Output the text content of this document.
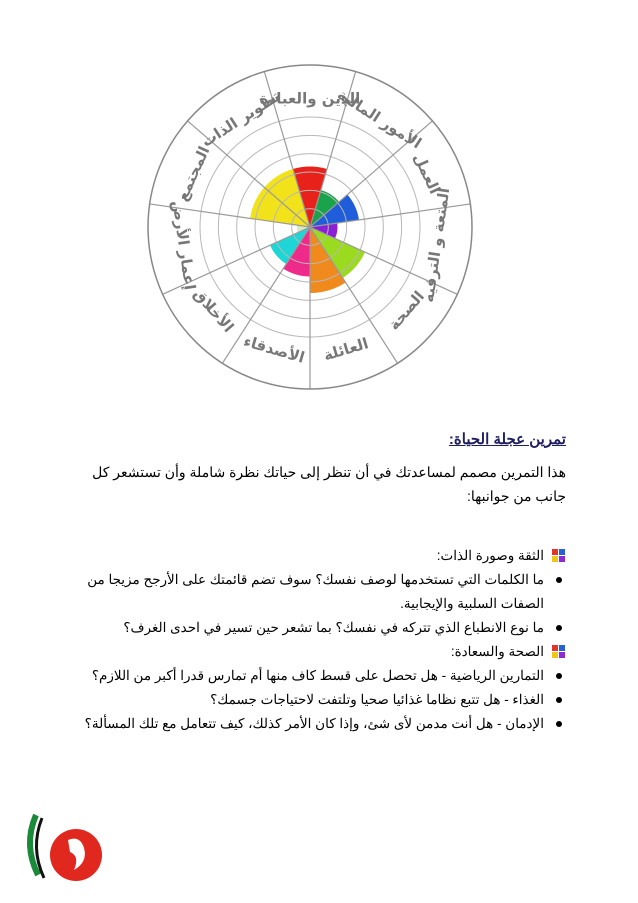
الدين والعبادة
الأمور المالية
العمل
المتعة و الترفيه
الصحة
العائلة
الأصدقاء
الأخلاق
إعمار الأرض
المجتمع
تطوير الذات
تمرين عجلة الحياة:

هذا التمرين مصمم لمساعدتك في أن تنظر إلى حياتك نظرة شاملة وأن تستشعر كل جانب من جوانبها:

الثقة وصورة الذات:
ما الكلمات التي تستخدمها لوصف نفسك؟ سوف تضم قائمتك على الأرجح مزيجا من الصفات السلبية والإيجابية.
ما نوع الانطباع الذي تتركه في نفسك؟ بما تشعر حين تسير في احدى الغرف؟
الصحة والسعادة:
التمارين الرياضية - هل تحصل على قسط كاف منها أم تمارس قدرا أكبر من اللازم؟
الغذاء - هل تتبع نظاما غذائيا صحيا وتلتفت لاحتياجات جسمك؟
الإدمان - هل أنت مدمن لأى شئ، وإذا كان الأمر كذلك، كيف تتعامل مع تلك المسألة؟
